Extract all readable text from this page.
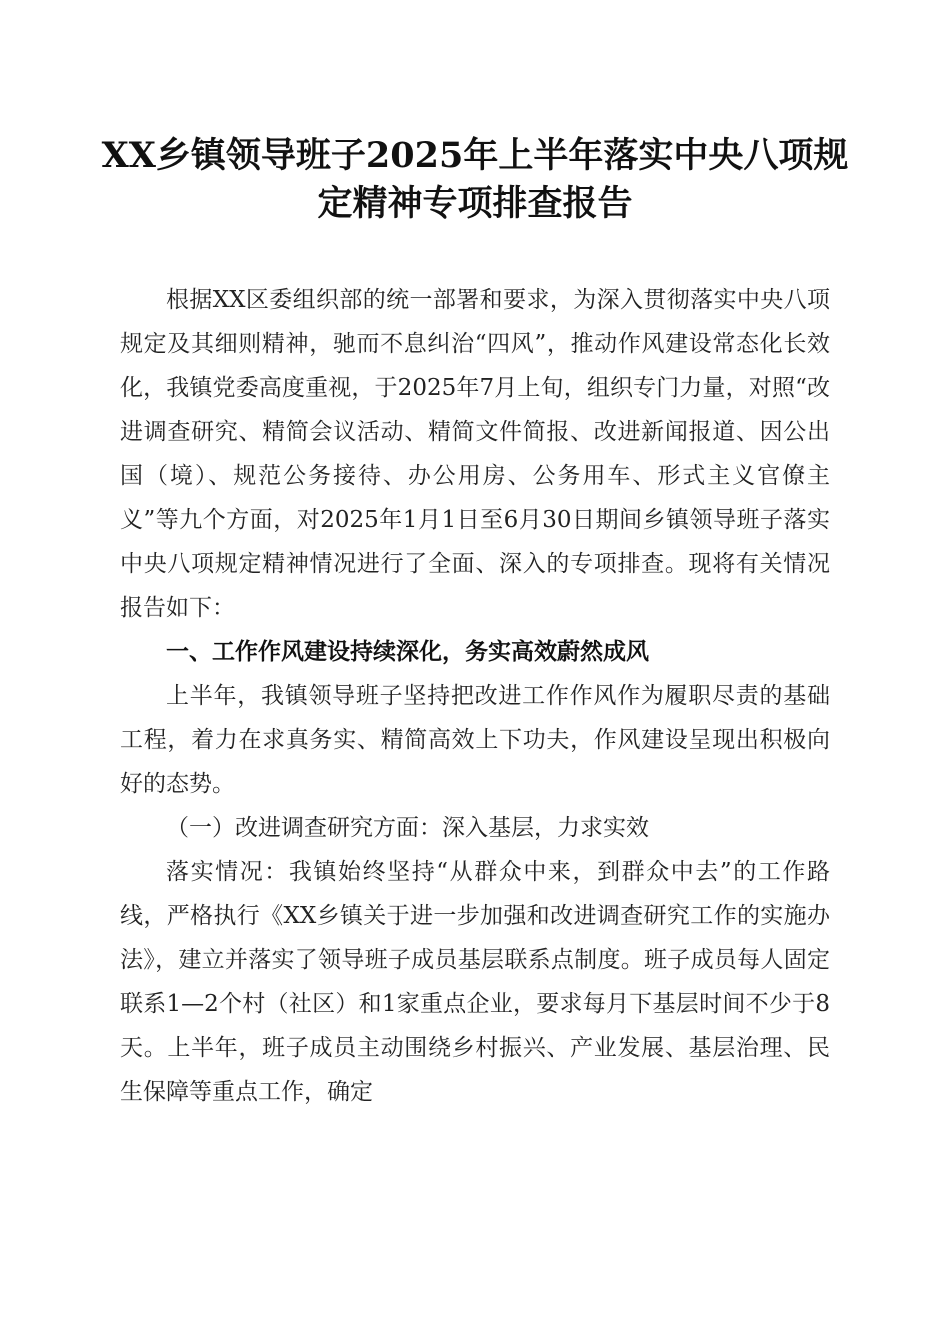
XX乡镇领导班子2025年上半年落实中央八项规定精神专项排查报告

根据XX区委组织部的统一部署和要求，为深入贯彻落实中央八项规定及其细则精神，驰而不息纠治“四风”，推动作风建设常态化长效化，我镇党委高度重视，于2025年7月上旬，组织专门力量，对照“改进调查研究、精简会议活动、精简文件简报、改进新闻报道、因公出国（境）、规范公务接待、办公用房、公务用车、形式主义官僚主义”等九个方面，对2025年1月1日至6月30日期间乡镇领导班子落实中央八项规定精神情况进行了全面、深入的专项排查。现将有关情况报告如下：

一、工作作风建设持续深化，务实高效蔚然成风

上半年，我镇领导班子坚持把改进工作作风作为履职尽责的基础工程，着力在求真务实、精简高效上下功夫，作风建设呈现出积极向好的态势。

（一）改进调查研究方面：深入基层，力求实效

落实情况：我镇始终坚持“从群众中来，到群众中去”的工作路线，严格执行《XX乡镇关于进一步加强和改进调查研究工作的实施办法》，建立并落实了领导班子成员基层联系点制度。班子成员每人固定联系1—2个村（社区）和1家重点企业，要求每月下基层时间不少于8天。上半年，班子成员主动围绕乡村振兴、产业发展、基层治理、民生保障等重点工作，确定
